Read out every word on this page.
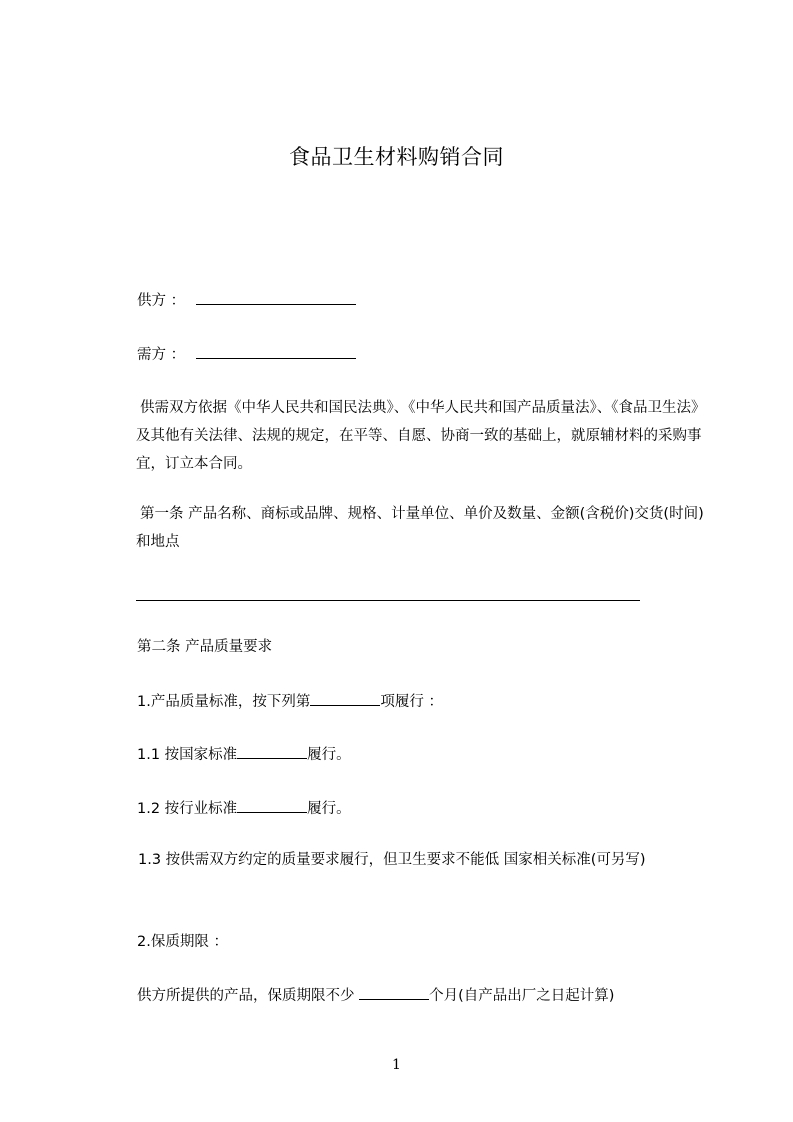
食品卫生材料购销合同
供方 ：
需方 ：
供需双方依据《中华人民共和国民法典》、《中华人民共和国产品质量法》、《食品卫生法》及其他有关法律、法规的规定，在平等、自愿、协商一致的基础上，就原辅材料的采购事宜，订立本合同。
第一条 产品名称、商标或品牌、规格、计量单位、单价及数量、金额(含税价)交货(时间)和地点
第二条 产品质量要求
1.产品质量标准，按下列第	项履行 ：
1.1 按国家标准	履行。
1.2 按行业标准	履行。
1.3 按供需双方约定的质量要求履行，但卫生要求不能低 国家相关标准(可另写)
2.保质期限 ：
供方所提供的产品，保质期限不少	个月(自产品出厂之日起计算)
1
